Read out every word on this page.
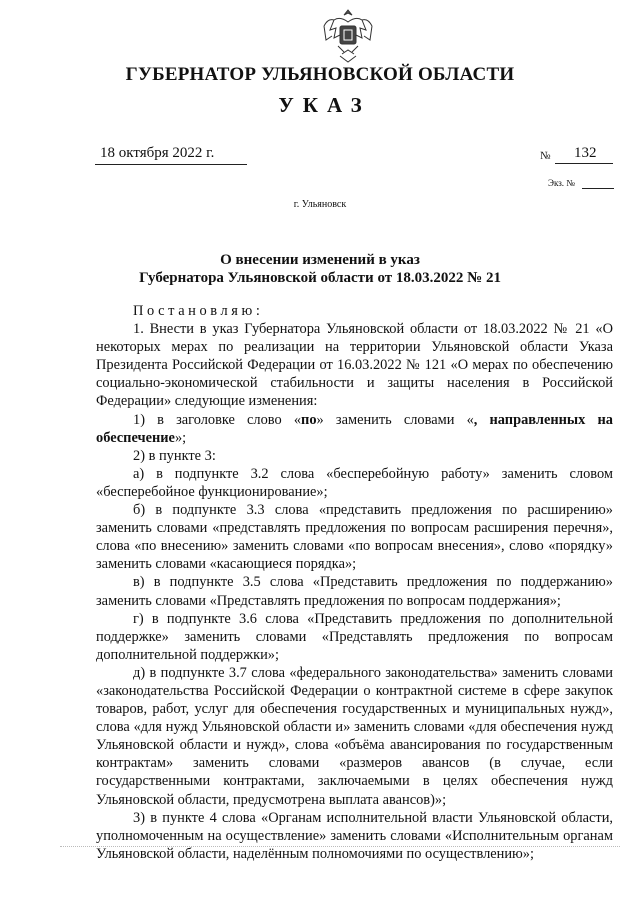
ГУБЕРНАТОР УЛЬЯНОВСКОЙ ОБЛАСТИ
УКАЗ
18 октября 2022 г.	№ 132
Экз. №
г. Ульяновск
О внесении изменений в указ
Губернатора Ульяновской области от 18.03.2022 № 21

Постановляю:

1. Внести в указ Губернатора Ульяновской области от 18.03.2022 № 21 «О некоторых мерах по реализации на территории Ульяновской области Указа Президента Российской Федерации от 16.03.2022 № 121 «О мерах по обеспечению социально-экономической стабильности и защиты населения в Российской Федерации» следующие изменения:

1) в заголовке слово «по» заменить словами «, направленных на обеспечение»;

2) в пункте 3:

а) в подпункте 3.2 слова «бесперебойную работу» заменить словом «бесперебойное функционирование»;

б) в подпункте 3.3 слова «представить предложения по расширению» заменить словами «представлять предложения по вопросам расширения перечня», слова «по внесению» заменить словами «по вопросам внесения», слово «порядку» заменить словами «касающиеся порядка»;

в) в подпункте 3.5 слова «Представить предложения по поддержанию» заменить словами «Представлять предложения по вопросам поддержания»;

г) в подпункте 3.6 слова «Представить предложения по дополнительной поддержке» заменить словами «Представлять предложения по вопросам дополнительной поддержки»;

д) в подпункте 3.7 слова «федерального законодательства» заменить словами «законодательства Российской Федерации о контрактной системе в сфере закупок товаров, работ, услуг для обеспечения государственных и муниципальных нужд», слова «для нужд Ульяновской области и» заменить словами «для обеспечения нужд Ульяновской области и нужд», слова «объёма авансирования по государственным контрактам» заменить словами «размеров авансов (в случае, если государственными контрактами, заключаемыми в целях обеспечения нужд Ульяновской области, предусмотрена выплата авансов)»;

3) в пункте 4 слова «Органам исполнительной власти Ульяновской области, уполномоченным на осуществление» заменить словами «Исполнительным органам Ульяновской области, наделённым полномочиями по осуществлению»;
